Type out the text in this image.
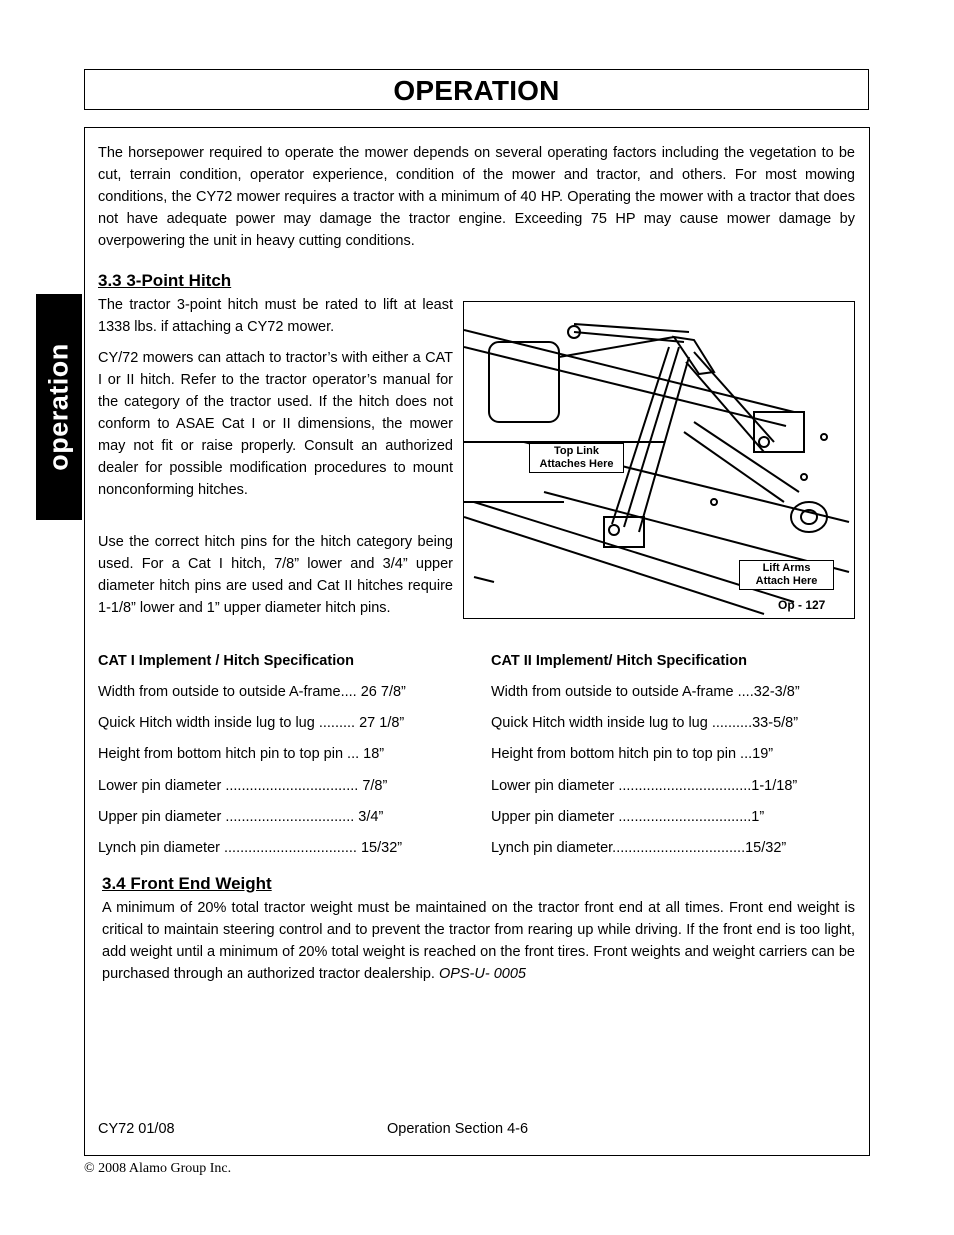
OPERATION
operation

The horsepower required to operate the mower depends on several operating factors including the vegetation to be cut, terrain condition, operator experience, condition of the mower and tractor, and others. For most mowing conditions, the CY72 mower requires a tractor with a minimum of 40 HP. Operating the mower with a tractor that does not have adequate power may damage the tractor engine. Exceeding 75 HP may cause mower damage by overpowering the unit in heavy cutting conditions.

3.3 3-Point Hitch

The tractor 3-point hitch must be rated to lift at least 1338 lbs. if attaching a CY72 mower.

CY/72 mowers can attach to tractor’s with either a CAT I or II hitch. Refer to the tractor operator’s manual for the category of the tractor used. If the hitch does not conform to ASAE Cat I or II dimensions, the mower may not fit or raise properly. Consult an authorized dealer for possible modification procedures to mount nonconforming hitches.

Use the correct hitch pins for the hitch category being used. For a Cat I hitch, 7/8” lower and 3/4” upper diameter hitch pins are used and Cat II hitches require 1-1/8” lower and 1” upper diameter hitch pins.

Top Link
Attaches Here
Lift Arms
Attach Here
Op - 127
CAT I Implement / Hitch Specification
Width from outside to outside A-frame.... 26 7/8”
Quick Hitch width inside lug to lug ......... 27 1/8”
Height from bottom hitch pin to top pin ... 18”
Lower pin diameter ................................. 7/8”
Upper pin diameter ................................ 3/4”
Lynch pin diameter ................................. 15/32”
CAT II Implement/ Hitch Specification
Width from outside to outside A-frame ....32-3/8”
Quick Hitch width inside lug to lug ..........33-5/8”
Height from bottom hitch pin to top pin ...19”
Lower pin diameter .................................1-1/18”
Upper pin diameter .................................1”
Lynch pin diameter.................................15/32”
3.4 Front End Weight

A minimum of 20% total tractor weight must be maintained on the tractor front end at all times. Front end weight is critical to maintain steering control and to prevent the tractor from rearing up while driving. If the front end is too light, add weight until a minimum of 20% total weight is reached on the front tires. Front weights and weight carriers can be purchased through an authorized tractor dealership. OPS-U- 0005

CY72 01/08	Operation Section 4-6
© 2008 Alamo Group Inc.
